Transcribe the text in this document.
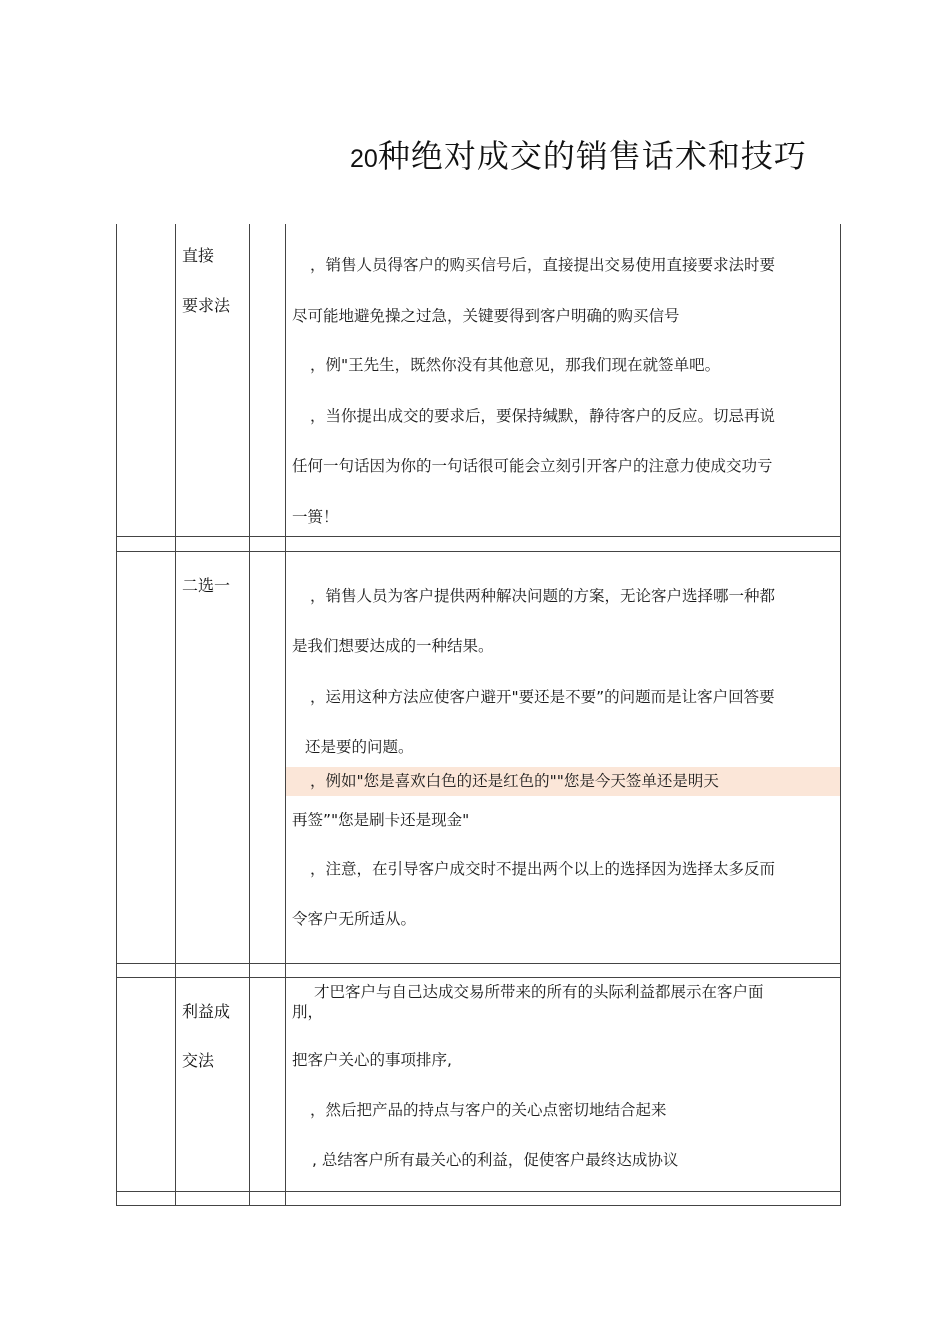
20种绝对成交的销售话术和技巧
直接
要求法
，销售人员得客户的购买信号后，直接提出交易使用直接要求法时要
尽可能地避免操之过急，关键要得到客户明确的购买信号
，例"王先生，既然你没有其他意见，那我们现在就签单吧。
，当你提出成交的要求后，要保持缄默，静待客户的反应。切忌再说
任何一句话因为你的一句话很可能会立刻引开客户的注意力使成交功亏
一篑！
二选一
，销售人员为客户提供两种解决问题的方案，无论客户选择哪一种都
是我们想要达成的一种结果。
，运用这种方法应使客户避开"要还是不要”的问题而是让客户回答要
还是要的问题。
，例如"您是喜欢白色的还是红色的""您是今天签单还是明天
再签”"您是刷卡还是现金"
，注意，在引导客户成交时不提出两个以上的选择因为选择太多反而
令客户无所适从。
利益成
交法
才巴客户与自己达成交易所带来的所有的头际利益都展示在客户面
刖，
把客户关心的事项排序,
，然后把产品的持点与客户的关心点密切地结合起来
, 总结客户所有最关心的利益，促使客户最终达成协议
